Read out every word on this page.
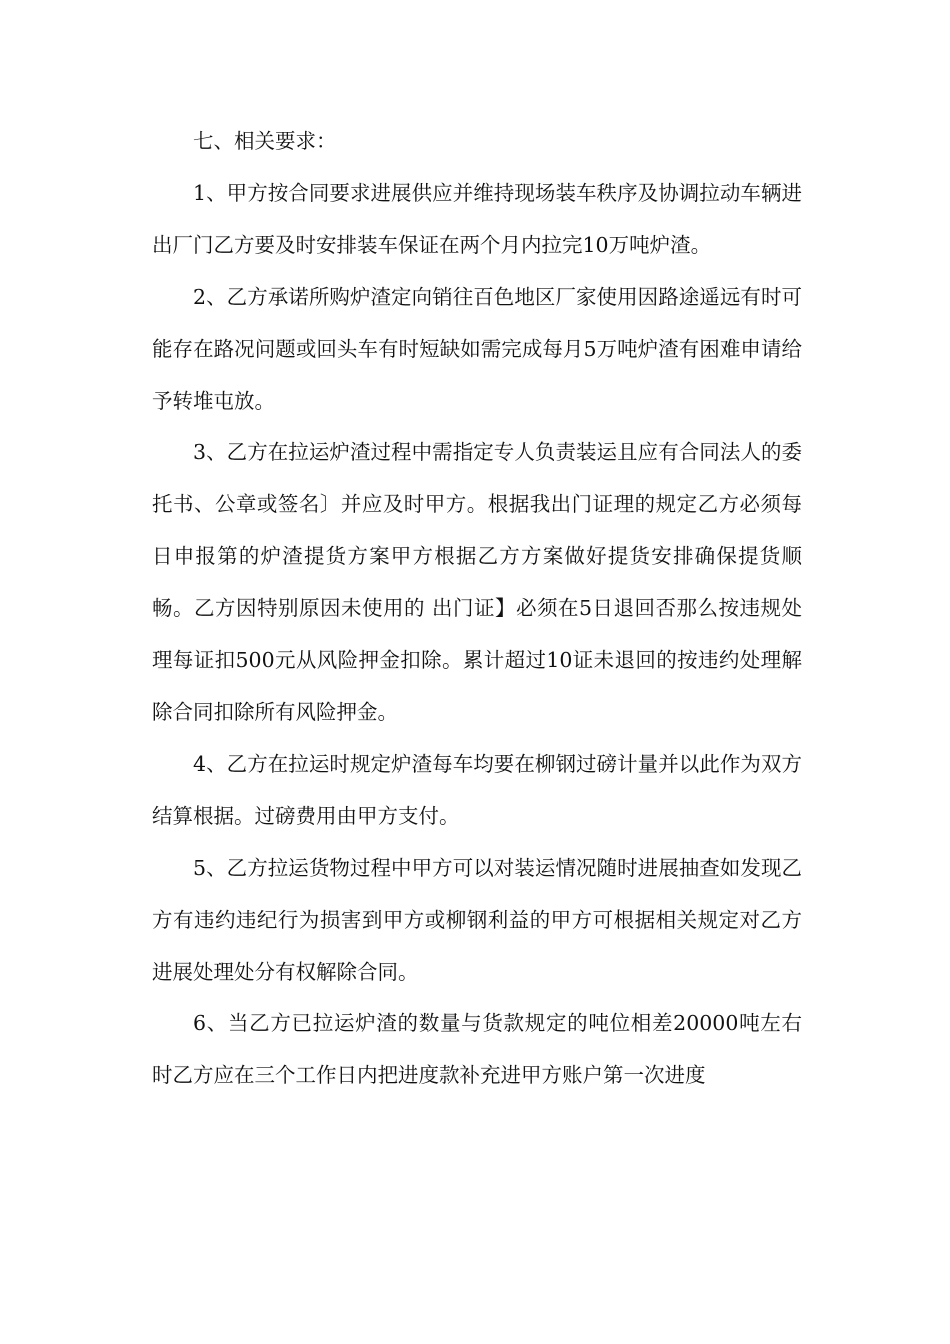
七、相关要求：

1、甲方按合同要求进展供应并维持现场装车秩序及协调拉动车辆进出厂门乙方要及时安排装车保证在两个月内拉完10万吨炉渣。

2、乙方承诺所购炉渣定向销往百色地区厂家使用因路途遥远有时可能存在路况问题或回头车有时短缺如需完成每月5万吨炉渣有困难申请给予转堆屯放。

3、乙方在拉运炉渣过程中需指定专人负责装运且应有合同法人的委托书、公章或签名〕并应及时甲方。根据我出门证理的规定乙方必须每日申报第的炉渣提货方案甲方根据乙方方案做好提货安排确保提货顺畅。乙方因特别原因未使用的 出门证】必须在5日退回否那么按违规处理每证扣500元从风险押金扣除。累计超过10证未退回的按违约处理解除合同扣除所有风险押金。

4、乙方在拉运时规定炉渣每车均要在柳钢过磅计量并以此作为双方结算根据。过磅费用由甲方支付。

5、乙方拉运货物过程中甲方可以对装运情况随时进展抽查如发现乙方有违约违纪行为损害到甲方或柳钢利益的甲方可根据相关规定对乙方进展处理处分有权解除合同。

6、当乙方已拉运炉渣的数量与货款规定的吨位相差20000吨左右时乙方应在三个工作日内把进度款补充进甲方账户第一次进度
